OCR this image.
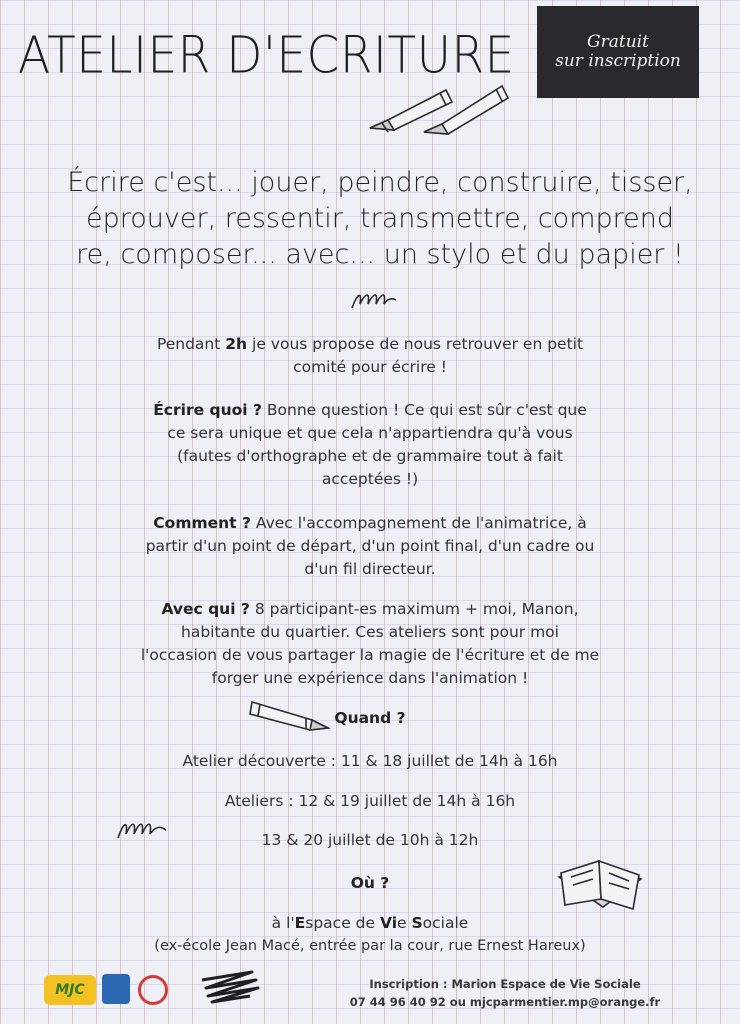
ATELIER D'ECRITURE	Gratuit
sur inscription
Écrire c'est... jouer, peindre, construire, tisser,
éprouver, ressentir, transmettre, comprend
re, composer... avec... un stylo et du papier !

Pendant 2h je vous propose de nous retrouver en petit

comité pour écrire !

Écrire quoi ? Bonne question ! Ce qui est sûr c'est que

ce sera unique et que cela n'appartiendra qu'à vous

(fautes d'orthographe et de grammaire tout à fait

acceptées !)

Comment ? Avec l'accompagnement de l'animatrice, à

partir d'un point de départ, d'un point final, d'un cadre ou

d'un fil directeur.

Avec qui ? 8 participant-es maximum + moi, Manon,

habitante du quartier. Ces ateliers sont pour moi

l'occasion de vous partager la magie de l'écriture et de me

forger une expérience dans l'animation !

Quand ?

Atelier découverte : 11 & 18 juillet de 14h à 16h
Ateliers : 12 & 19 juillet de 14h à 16h
13 & 20 juillet de 10h à 12h

Où ?

à l'Espace de Vie Sociale

(ex-école Jean Macé, entrée par la cour, rue Ernest Hareux)

MJC	Inscription : Marion Espace de Vie Sociale
07 44 96 40 92 ou mjcparmentier.mp@orange.fr
